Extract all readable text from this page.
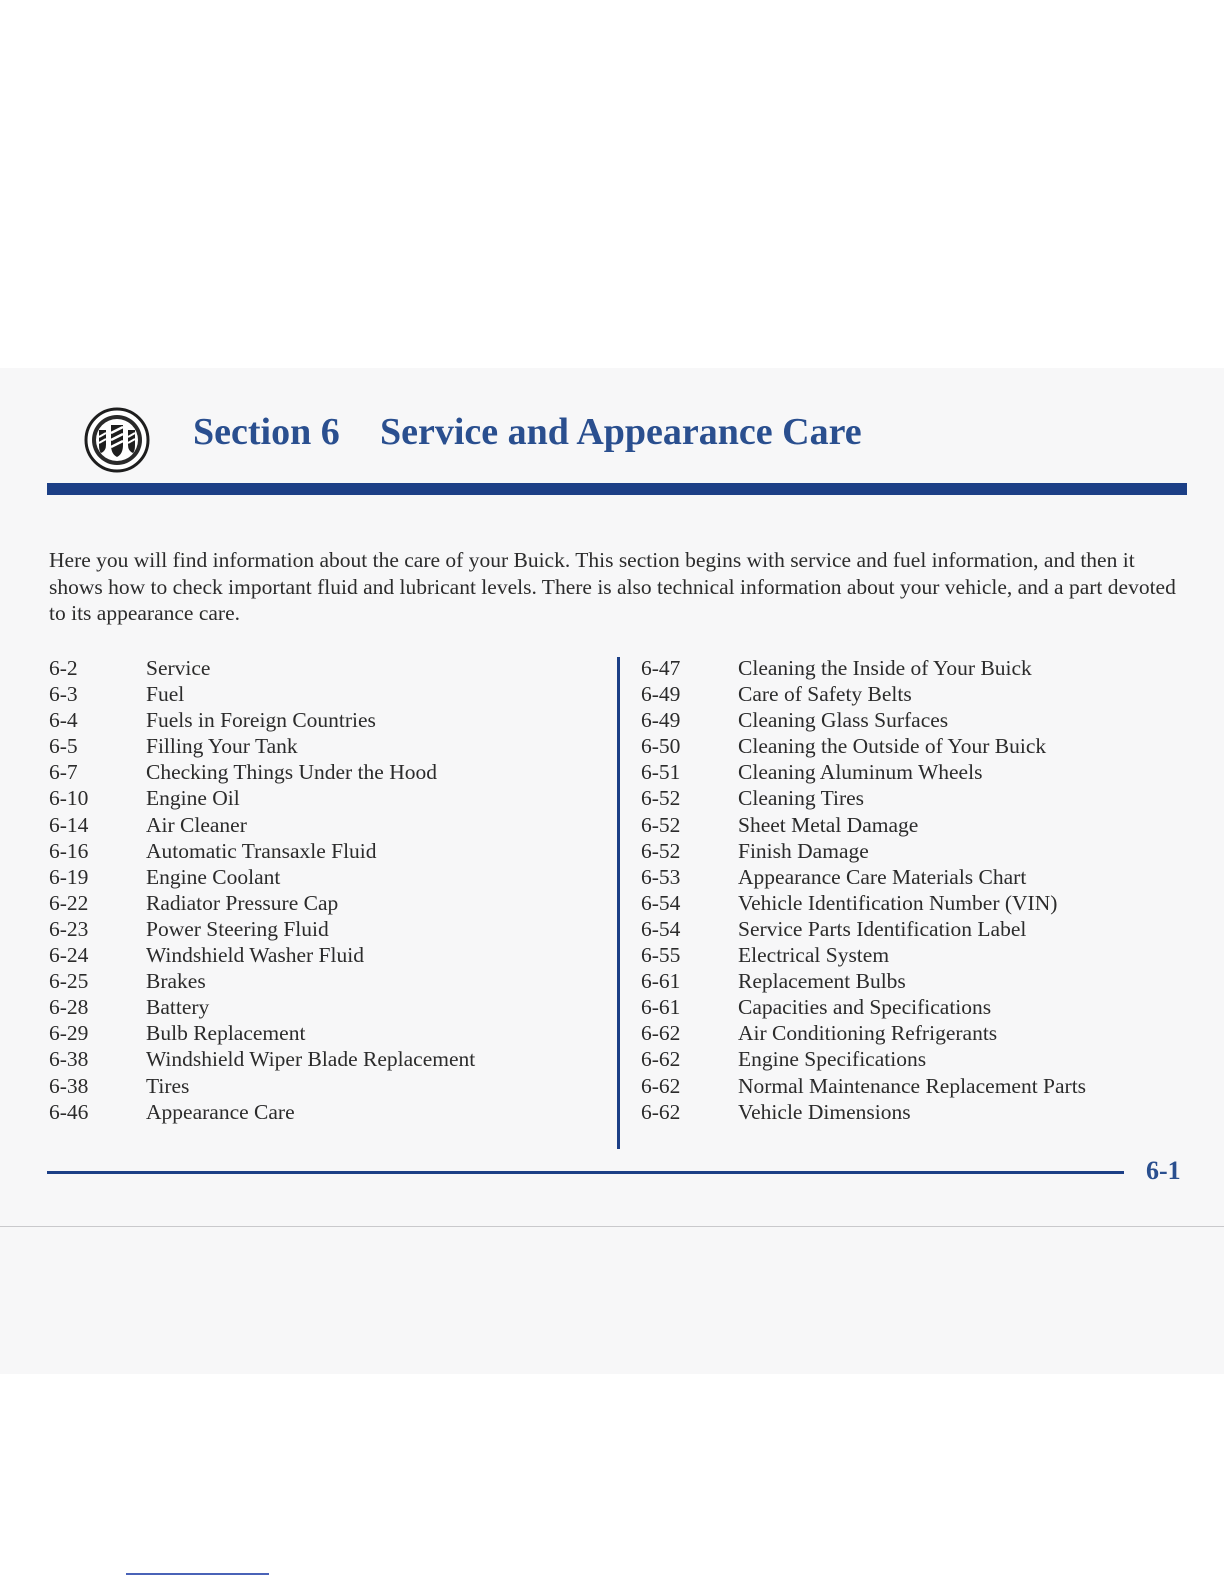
Section 6 Service and Appearance Care

Here you will find information about the care of your Buick. This section begins with service and fuel information, and then it shows how to check important fluid and lubricant levels. There is also technical information about your vehicle, and a part devoted to its appearance care.

6-2	Service
6-3	Fuel
6-4	Fuels in Foreign Countries
6-5	Filling Your Tank
6-7	Checking Things Under the Hood
6-10	Engine Oil
6-14	Air Cleaner
6-16	Automatic Transaxle Fluid
6-19	Engine Coolant
6-22	Radiator Pressure Cap
6-23	Power Steering Fluid
6-24	Windshield Washer Fluid
6-25	Brakes
6-28	Battery
6-29	Bulb Replacement
6-38	Windshield Wiper Blade Replacement
6-38	Tires
6-46	Appearance Care
6-47	Cleaning the Inside of Your Buick
6-49	Care of Safety Belts
6-49	Cleaning Glass Surfaces
6-50	Cleaning the Outside of Your Buick
6-51	Cleaning Aluminum Wheels
6-52	Cleaning Tires
6-52	Sheet Metal Damage
6-52	Finish Damage
6-53	Appearance Care Materials Chart
6-54	Vehicle Identification Number (VIN)
6-54	Service Parts Identification Label
6-55	Electrical System
6-61	Replacement Bulbs
6-61	Capacities and Specifications
6-62	Air Conditioning Refrigerants
6-62	Engine Specifications
6-62	Normal Maintenance Replacement Parts
6-62	Vehicle Dimensions
6-1
